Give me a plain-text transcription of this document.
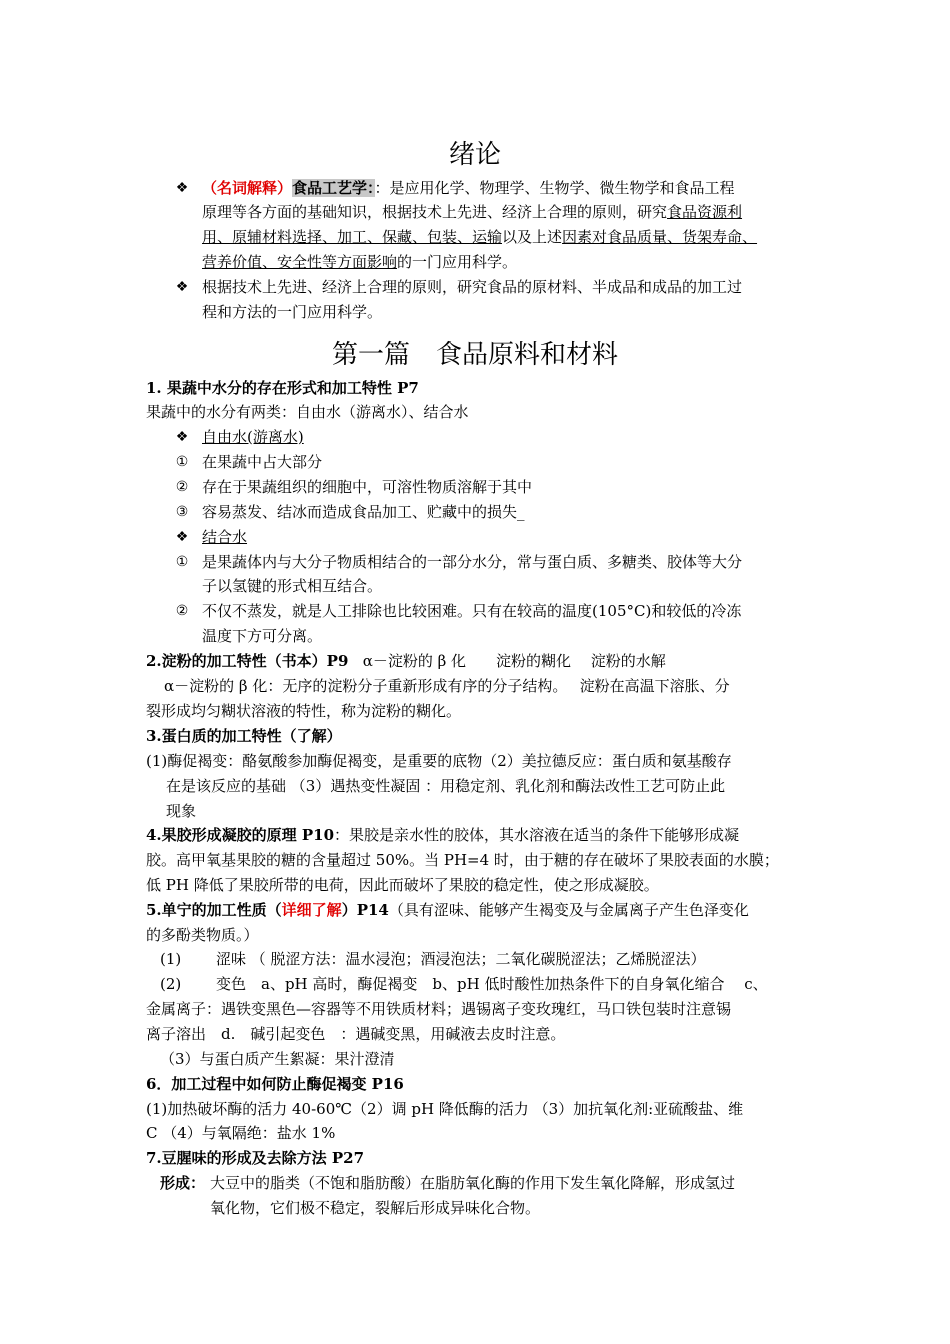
绪论
❖ （名词解释）食品工艺学：：是应用化学、物理学、生物学、微生物学和食品工程
原理等各方面的基础知识，根据技术上先进、经济上合理的原则，研究食品资源利
用、原辅材料选择、加工、保藏、包装、运输以及上述因素对食品质量、货架寿命、
营养价值、安全性等方面影响的一门应用科学。
❖ 根据技术上先进、经济上合理的原则，研究食品的原材料、半成品和成品的加工过
程和方法的一门应用科学。
第一篇　食品原料和材料
1. 果蔬中水分的存在形式和加工特性 P7
果蔬中的水分有两类：自由水（游离水）、结合水
❖ 自由水(游离水)
① 在果蔬中占大部分
② 存在于果蔬组织的细胞中，可溶性物质溶解于其中
③ 容易蒸发、结冰而造成食品加工、贮藏中的损失_
❖ 结合水
① 是果蔬体内与大分子物质相结合的一部分水分，常与蛋白质、多糖类、胶体等大分
子以氢键的形式相互结合。
② 不仅不蒸发，就是人工排除也比较困难。只有在较高的温度(105°C)和较低的冷冻
温度下方可分离。
2.淀粉的加工特性（书本）P9 α－淀粉的 β 化　　淀粉的糊化　 淀粉的水解
α－淀粉的 β 化：无序的淀粉分子重新形成有序的分子结构。　 淀粉在高温下溶胀、分
裂形成均匀糊状溶液的特性，称为淀粉的糊化。
3.蛋白质的加工特性（了解）
(1)酶促褐变：酪氨酸参加酶促褐变，是重要的底物（2）美拉德反应：蛋白质和氨基酸存
在是该反应的基础 （3）遇热变性凝固 ：用稳定剂、乳化剂和酶法改性工艺可防止此
现象
4.果胶形成凝胶的原理 P10：果胶是亲水性的胶体，其水溶液在适当的条件下能够形成凝
胶。高甲氧基果胶的糖的含量超过 50%。当 PH=4 时，由于糖的存在破坏了果胶表面的水膜；
低 PH 降低了果胶所带的电荷，因此而破坏了果胶的稳定性，使之形成凝胶。
5.单宁的加工性质（详细了解）P14（具有涩味、能够产生褐变及与金属离子产生色泽变化
的多酚类物质。）
(1)　　 涩味 （ 脱涩方法：温水浸泡；酒浸泡法；二氧化碳脱涩法；乙烯脱涩法）
(2)　　 变色　a、pH 高时，酶促褐变　b、pH 低时酸性加热条件下的自身氧化缩合　 c、
金属离子：遇铁变黑色—容器等不用铁质材料；遇锡离子变玫瑰红，马口铁包装时注意锡
离子溶出　d.　碱引起变色　：遇碱变黑，用碱液去皮时注意。
（3）与蛋白质产生絮凝：果汁澄清
6．加工过程中如何防止酶促褐变 P16
(1)加热破坏酶的活力 40-60℃（2）调 pH 降低酶的活力 （3）加抗氧化剂:亚硫酸盐、维
C （4）与氧隔绝：盐水 1%
7.豆腥味的形成及去除方法 P27
形成： 大豆中的脂类（不饱和脂肪酸）在脂肪氧化酶的作用下发生氧化降解，形成氢过
氧化物，它们极不稳定，裂解后形成异味化合物。
